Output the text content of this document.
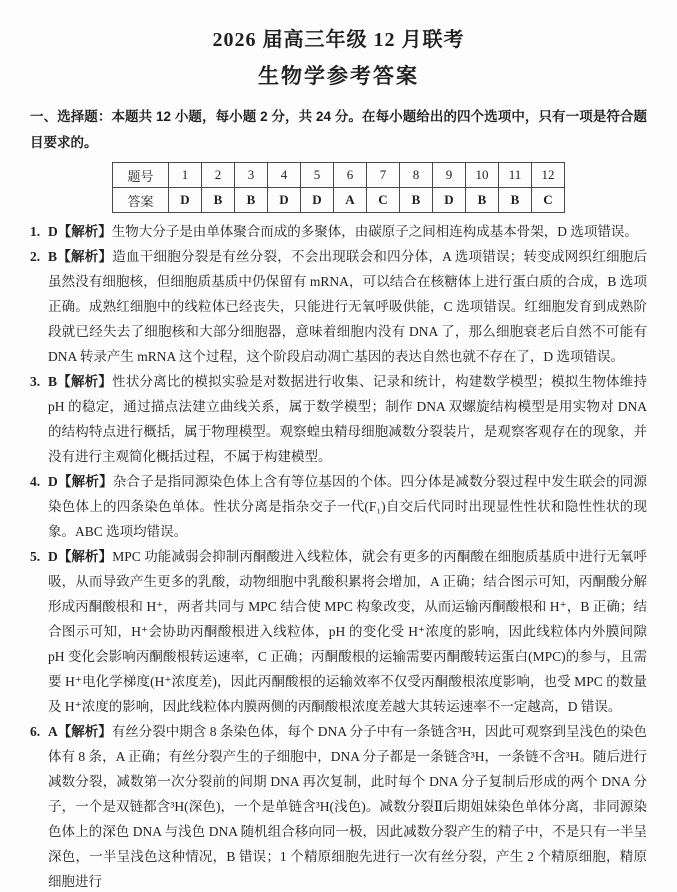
2026 届高三年级 12 月联考
生物学参考答案

一、选择题：本题共 12 小题，每小题 2 分，共 24 分。在每小题给出的四个选项中，只有一项是符合题目要求的。

题号	1	2	3	4	5	6	7	8	9	10	11	12
答案	D	B	B	D	D	A	C	B	D	B	B	C
1. D【解析】生物大分子是由单体聚合而成的多聚体，由碳原子之间相连构成基本骨架，D 选项错误。
2. B【解析】造血干细胞分裂是有丝分裂，不会出现联会和四分体，A 选项错误；转变成网织红细胞后虽然没有细胞核，但细胞质基质中仍保留有 mRNA，可以结合在核糖体上进行蛋白质的合成，B 选项正确。成熟红细胞中的线粒体已经丧失，只能进行无氧呼吸供能，C 选项错误。红细胞发育到成熟阶段就已经失去了细胞核和大部分细胞器，意味着细胞内没有 DNA 了，那么细胞衰老后自然不可能有 DNA 转录产生 mRNA 这个过程，这个阶段启动凋亡基因的表达自然也就不存在了，D 选项错误。
3. B【解析】性状分离比的模拟实验是对数据进行收集、记录和统计，构建数学模型；模拟生物体维持 pH 的稳定，通过描点法建立曲线关系，属于数学模型；制作 DNA 双螺旋结构模型是用实物对 DNA 的结构特点进行概括，属于物理模型。观察蝗虫精母细胞减数分裂装片，是观察客观存在的现象，并没有进行主观简化概括过程，不属于构建模型。
4. D【解析】杂合子是指同源染色体上含有等位基因的个体。四分体是减数分裂过程中发生联会的同源染色体上的四条染色单体。性状分离是指杂交子一代(F₁)自交后代同时出现显性性状和隐性性状的现象。ABC 选项均错误。
5. D【解析】MPC 功能减弱会抑制丙酮酸进入线粒体，就会有更多的丙酮酸在细胞质基质中进行无氧呼吸，从而导致产生更多的乳酸，动物细胞中乳酸积累将会增加，A 正确；结合图示可知，丙酮酸分解形成丙酮酸根和 H⁺，两者共同与 MPC 结合使 MPC 构象改变，从而运输丙酮酸根和 H⁺，B 正确；结合图示可知，H⁺会协助丙酮酸根进入线粒体，pH 的变化受 H⁺浓度的影响，因此线粒体内外膜间隙 pH 变化会影响丙酮酸根转运速率，C 正确；丙酮酸根的运输需要丙酮酸转运蛋白(MPC)的参与，且需要 H⁺电化学梯度(H⁺浓度差)，因此丙酮酸根的运输效率不仅受丙酮酸根浓度影响，也受 MPC 的数量及 H⁺浓度的影响，因此线粒体内膜两侧的丙酮酸根浓度差越大其转运速率不一定越高，D 错误。
6. A【解析】有丝分裂中期含 8 条染色体，每个 DNA 分子中有一条链含³H，因此可观察到呈浅色的染色体有 8 条，A 正确；有丝分裂产生的子细胞中，DNA 分子都是一条链含³H，一条链不含³H。随后进行减数分裂，减数第一次分裂前的间期 DNA 再次复制，此时每个 DNA 分子复制后形成的两个 DNA 分子，一个是双链都含³H(深色)，一个是单链含³H(浅色)。减数分裂Ⅱ后期姐妹染色单体分离，非同源染色体上的深色 DNA 与浅色 DNA 随机组合移向同一极，因此减数分裂产生的精子中，不是只有一半呈深色，一半呈浅色这种情况，B 错误；1 个精原细胞先进行一次有丝分裂，产生 2 个精原细胞，精原细胞进行
